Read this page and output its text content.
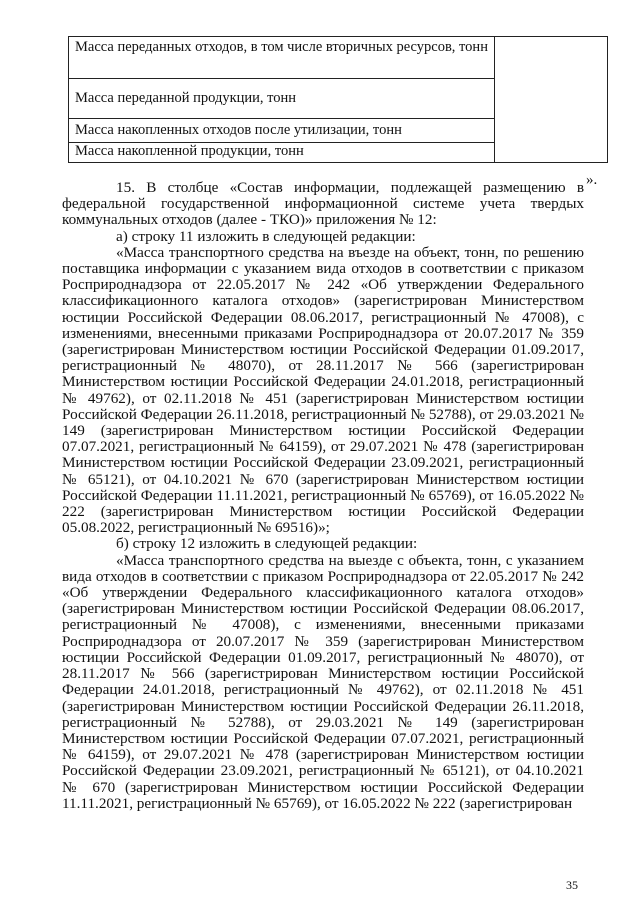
Масса переданных отходов, в том числе вторичных ресурсов, тонн	
Масса переданной продукции, тонн
Масса накопленных отходов после утилизации, тонн
Масса накопленной продукции, тонн
».

15. В столбце «Состав информации, подлежащей размещению в федеральной государственной информационной системе учета твердых коммунальных отходов (далее - ТКО)» приложения № 12:

а) строку 11 изложить в следующей редакции:

«Масса транспортного средства на въезде на объект, тонн, по решению поставщика информации с указанием вида отходов в соответствии с приказом Росприроднадзора от 22.05.2017 № 242 «Об утверждении Федерального классификационного каталога отходов» (зарегистрирован Министерством юстиции Российской Федерации 08.06.2017, регистрационный № 47008), с изменениями, внесенными приказами Росприроднадзора от 20.07.2017 № 359 (зарегистрирован Министерством юстиции Российской Федерации 01.09.2017, регистрационный № 48070), от 28.11.2017 № 566 (зарегистрирован Министерством юстиции Российской Федерации 24.01.2018, регистрационный № 49762), от 02.11.2018 № 451 (зарегистрирован Министерством юстиции Российской Федерации 26.11.2018, регистрационный № 52788), от 29.03.2021 № 149 (зарегистрирован Министерством юстиции Российской Федерации 07.07.2021, регистрационный № 64159), от 29.07.2021 № 478 (зарегистрирован Министерством юстиции Российской Федерации 23.09.2021, регистрационный № 65121), от 04.10.2021 № 670 (зарегистрирован Министерством юстиции Российской Федерации 11.11.2021, регистрационный № 65769), от 16.05.2022 № 222 (зарегистрирован Министерством юстиции Российской Федерации 05.08.2022, регистрационный № 69516)»;

б) строку 12 изложить в следующей редакции:

«Масса транспортного средства на выезде с объекта, тонн, с указанием вида отходов в соответствии с приказом Росприроднадзора от 22.05.2017 № 242 «Об утверждении Федерального классификационного каталога отходов» (зарегистрирован Министерством юстиции Российской Федерации 08.06.2017, регистрационный № 47008), с изменениями, внесенными приказами Росприроднадзора от 20.07.2017 № 359 (зарегистрирован Министерством юстиции Российской Федерации 01.09.2017, регистрационный № 48070), от 28.11.2017 № 566 (зарегистрирован Министерством юстиции Российской Федерации 24.01.2018, регистрационный № 49762), от 02.11.2018 № 451 (зарегистрирован Министерством юстиции Российской Федерации 26.11.2018, регистрационный № 52788), от 29.03.2021 № 149 (зарегистрирован Министерством юстиции Российской Федерации 07.07.2021, регистрационный № 64159), от 29.07.2021 № 478 (зарегистрирован Министерством юстиции Российской Федерации 23.09.2021, регистрационный № 65121), от 04.10.2021 № 670 (зарегистрирован Министерством юстиции Российской Федерации 11.11.2021, регистрационный № 65769), от 16.05.2022 № 222 (зарегистрирован

35
